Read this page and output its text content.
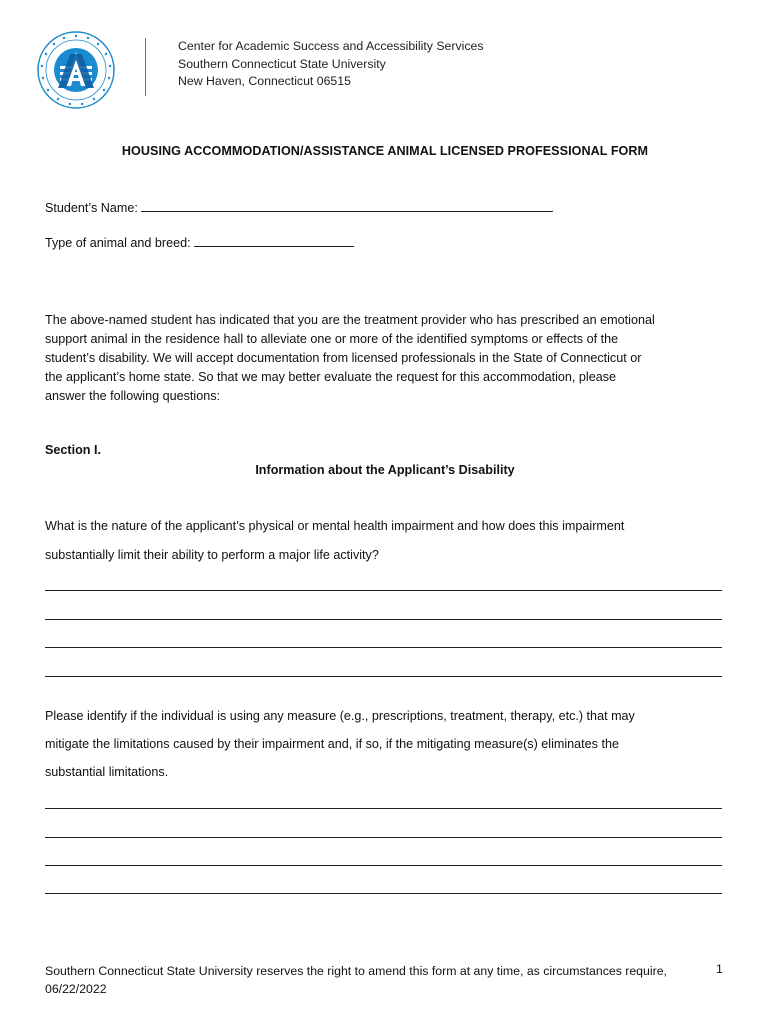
Center for Academic Success and Accessibility Services
Southern Connecticut State University
New Haven, Connecticut 06515
HOUSING ACCOMMODATION/ASSISTANCE ANIMAL LICENSED PROFESSIONAL FORM
Student’s Name:
Type of animal and breed:
The above-named student has indicated that you are the treatment provider who has prescribed an emotional
support animal in the residence hall to alleviate one or more of the identified symptoms or effects of the
student’s disability. We will accept documentation from licensed professionals in the State of Connecticut or
the applicant’s home state. So that we may better evaluate the request for this accommodation, please
answer the following questions:
Section I.
Information about the Applicant’s Disability
What is the nature of the applicant’s physical or mental health impairment and how does this impairment
substantially limit their ability to perform a major life activity?
Please identify if the individual is using any measure (e.g., prescriptions, treatment, therapy, etc.) that may
mitigate the limitations caused by their impairment and, if so, if the mitigating measure(s) eliminates the
substantial limitations.
Southern Connecticut State University reserves the right to amend this form at any time, as circumstances require,
06/22/2022
1
